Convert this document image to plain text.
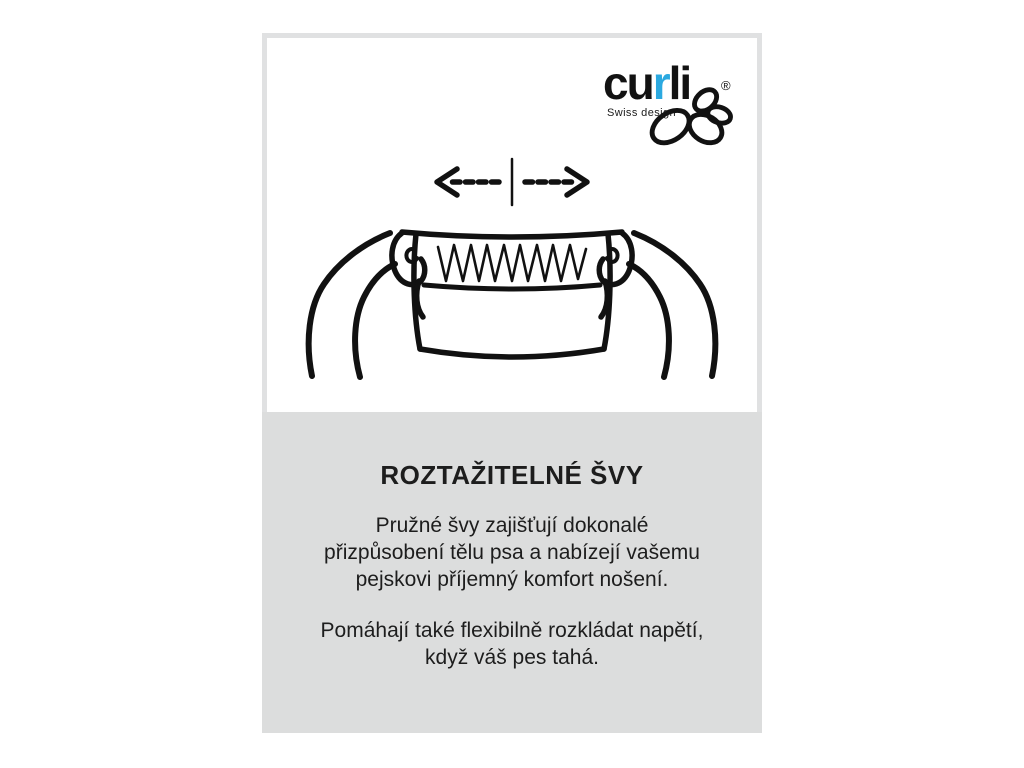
curli
Swiss design
®
ROZTAŽITELNÉ ŠVY
Pružné švy zajišťují dokonalé
přizpůsobení tělu psa a nabízejí vašemu
pejskovi příjemný komfort nošení.
Pomáhají také flexibilně rozkládat napětí,
když váš pes tahá.
